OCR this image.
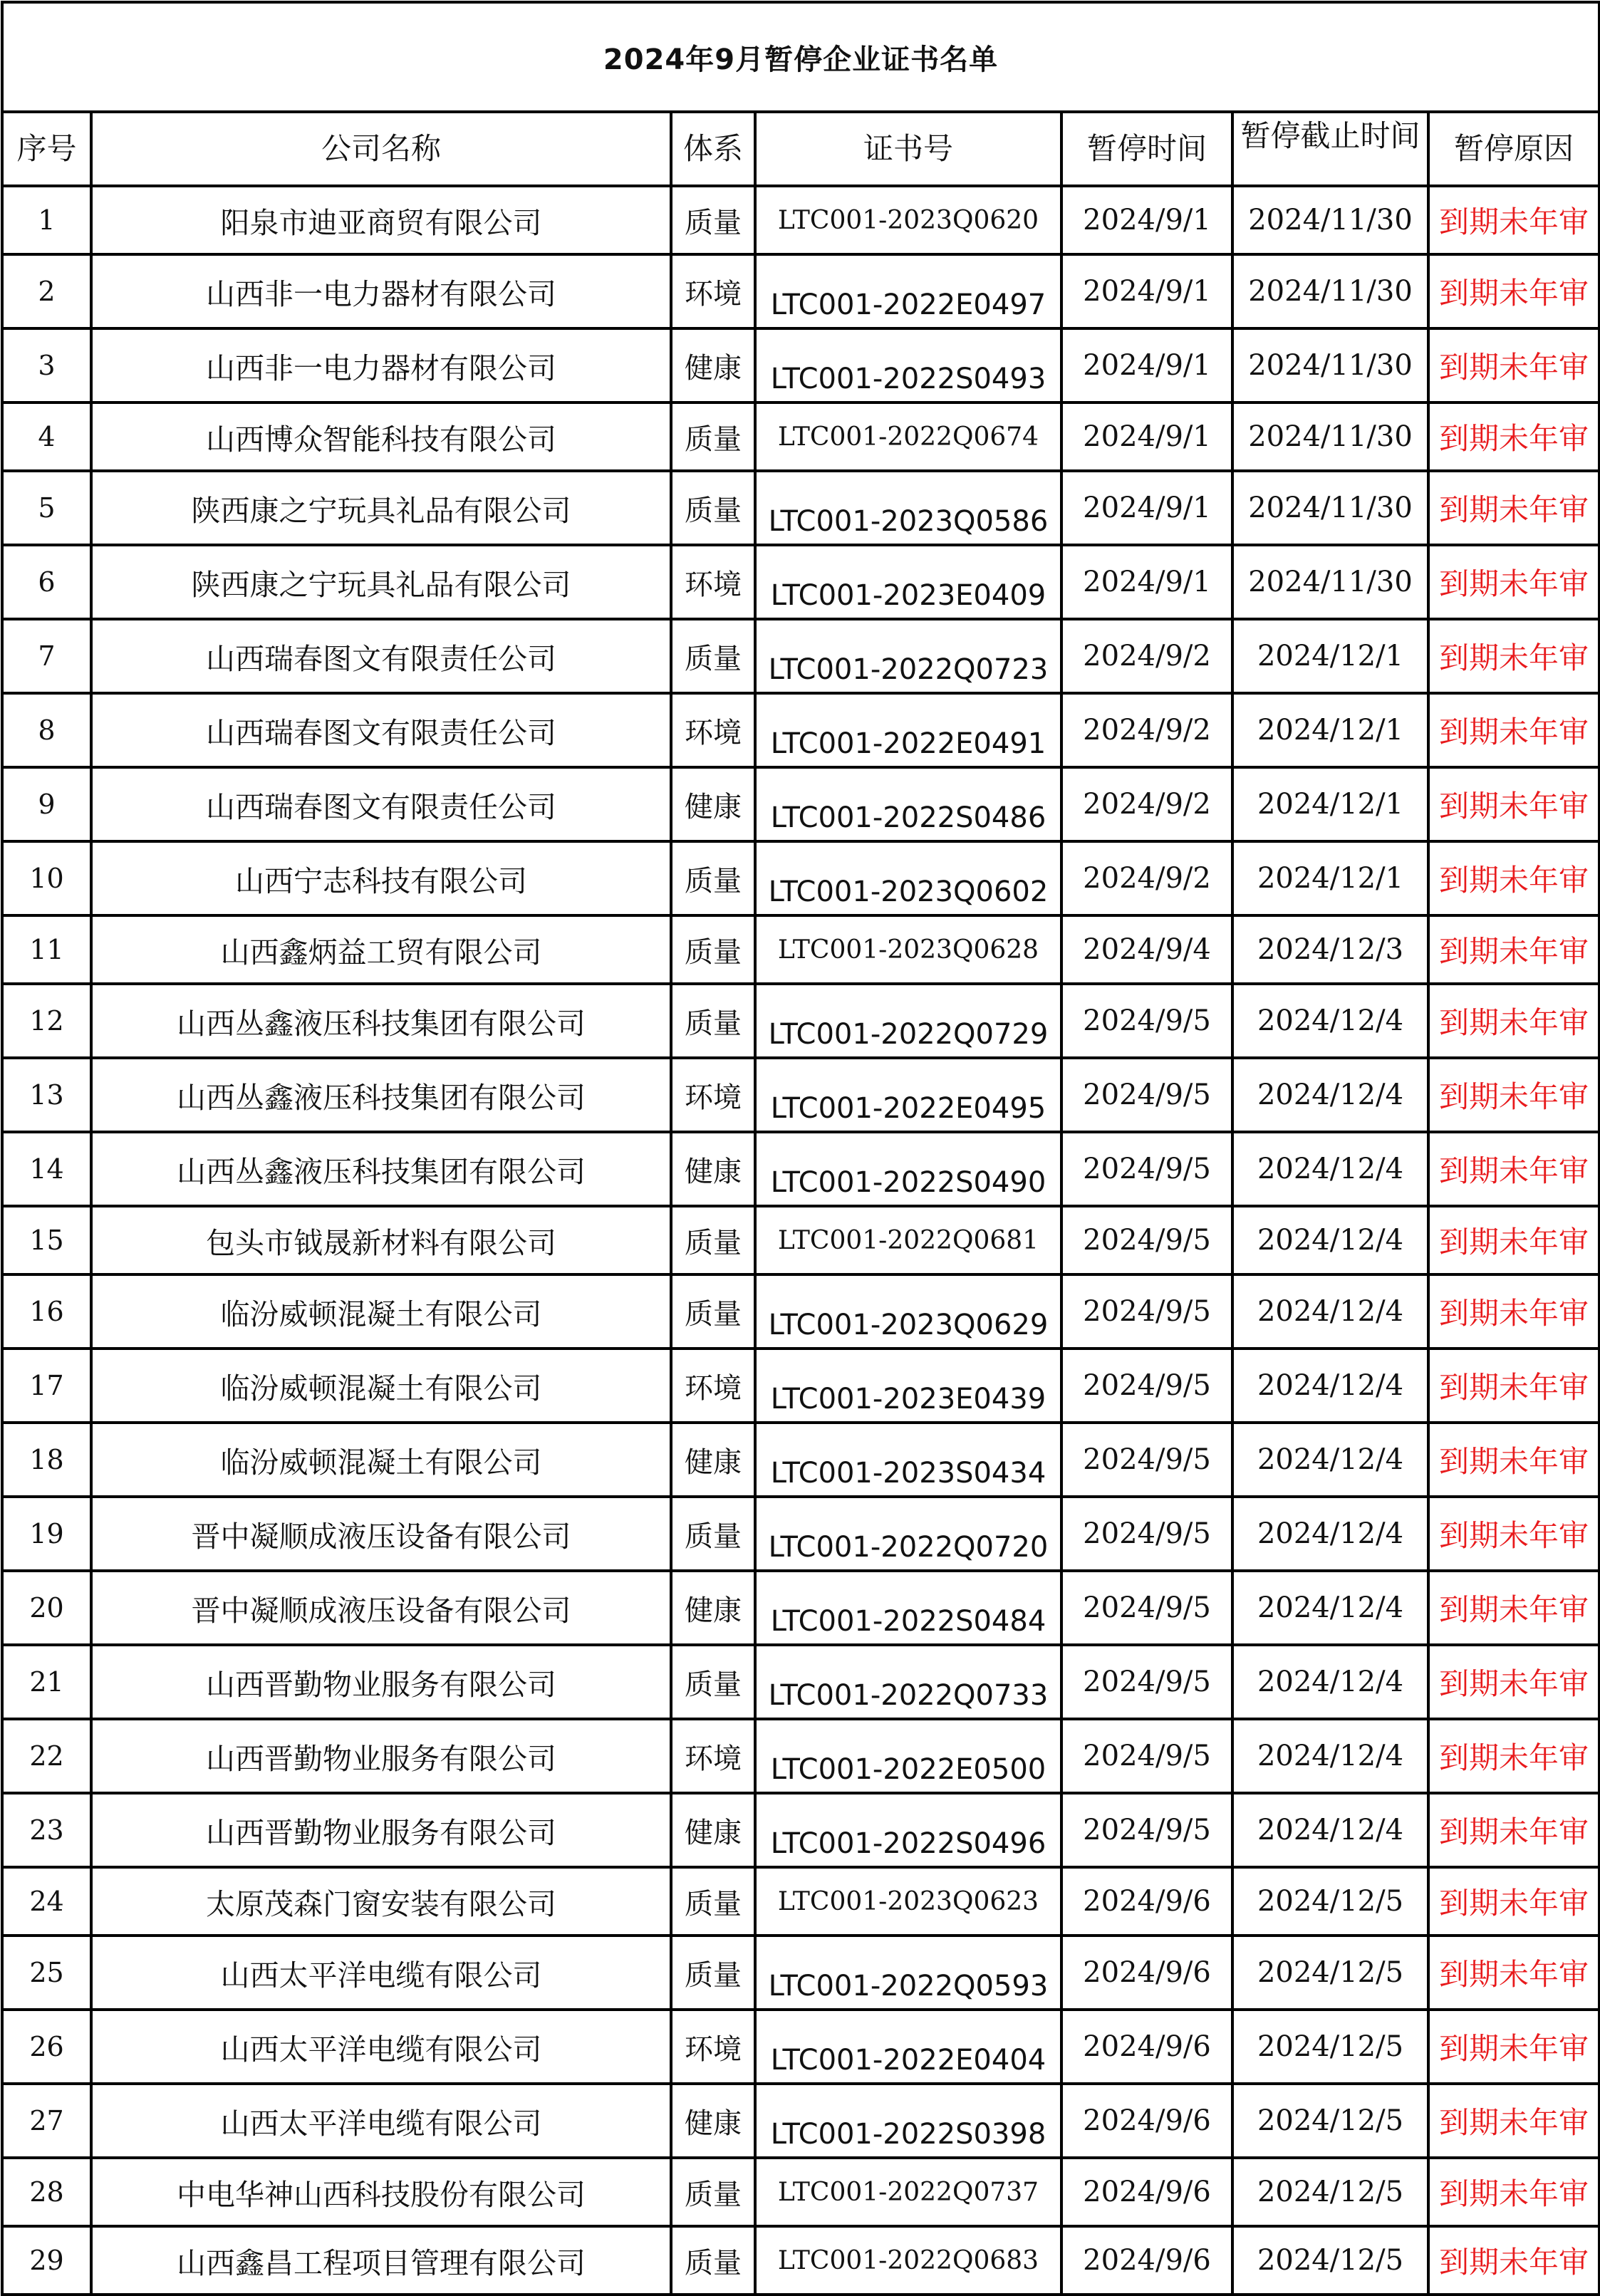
2024年9月暂停企业证书名单						
序号	公司名称	体系	证书号	暂停时间	暂停截止时间	暂停原因
1	阳泉市迪亚商贸有限公司	质量	LTC001-2023Q0620	2024/9/1	2024/11/30	到期未年审
2	山西非一电力器材有限公司	环境	LTC001-2022E0497	2024/9/1	2024/11/30	到期未年审
3	山西非一电力器材有限公司	健康	LTC001-2022S0493	2024/9/1	2024/11/30	到期未年审
4	山西博众智能科技有限公司	质量	LTC001-2022Q0674	2024/9/1	2024/11/30	到期未年审
5	陕西康之宁玩具礼品有限公司	质量	LTC001-2023Q0586	2024/9/1	2024/11/30	到期未年审
6	陕西康之宁玩具礼品有限公司	环境	LTC001-2023E0409	2024/9/1	2024/11/30	到期未年审
7	山西瑞春图文有限责任公司	质量	LTC001-2022Q0723	2024/9/2	2024/12/1	到期未年审
8	山西瑞春图文有限责任公司	环境	LTC001-2022E0491	2024/9/2	2024/12/1	到期未年审
9	山西瑞春图文有限责任公司	健康	LTC001-2022S0486	2024/9/2	2024/12/1	到期未年审
10	山西宁志科技有限公司	质量	LTC001-2023Q0602	2024/9/2	2024/12/1	到期未年审
11	山西鑫炳益工贸有限公司	质量	LTC001-2023Q0628	2024/9/4	2024/12/3	到期未年审
12	山西丛鑫液压科技集团有限公司	质量	LTC001-2022Q0729	2024/9/5	2024/12/4	到期未年审
13	山西丛鑫液压科技集团有限公司	环境	LTC001-2022E0495	2024/9/5	2024/12/4	到期未年审
14	山西丛鑫液压科技集团有限公司	健康	LTC001-2022S0490	2024/9/5	2024/12/4	到期未年审
15	包头市钺晟新材料有限公司	质量	LTC001-2022Q0681	2024/9/5	2024/12/4	到期未年审
16	临汾威顿混凝土有限公司	质量	LTC001-2023Q0629	2024/9/5	2024/12/4	到期未年审
17	临汾威顿混凝土有限公司	环境	LTC001-2023E0439	2024/9/5	2024/12/4	到期未年审
18	临汾威顿混凝土有限公司	健康	LTC001-2023S0434	2024/9/5	2024/12/4	到期未年审
19	晋中凝顺成液压设备有限公司	质量	LTC001-2022Q0720	2024/9/5	2024/12/4	到期未年审
20	晋中凝顺成液压设备有限公司	健康	LTC001-2022S0484	2024/9/5	2024/12/4	到期未年审
21	山西晋勤物业服务有限公司	质量	LTC001-2022Q0733	2024/9/5	2024/12/4	到期未年审
22	山西晋勤物业服务有限公司	环境	LTC001-2022E0500	2024/9/5	2024/12/4	到期未年审
23	山西晋勤物业服务有限公司	健康	LTC001-2022S0496	2024/9/5	2024/12/4	到期未年审
24	太原茂森门窗安装有限公司	质量	LTC001-2023Q0623	2024/9/6	2024/12/5	到期未年审
25	山西太平洋电缆有限公司	质量	LTC001-2022Q0593	2024/9/6	2024/12/5	到期未年审
26	山西太平洋电缆有限公司	环境	LTC001-2022E0404	2024/9/6	2024/12/5	到期未年审
27	山西太平洋电缆有限公司	健康	LTC001-2022S0398	2024/9/6	2024/12/5	到期未年审
28	中电华神山西科技股份有限公司	质量	LTC001-2022Q0737	2024/9/6	2024/12/5	到期未年审
29	山西鑫昌工程项目管理有限公司	质量	LTC001-2022Q0683	2024/9/6	2024/12/5	到期未年审
